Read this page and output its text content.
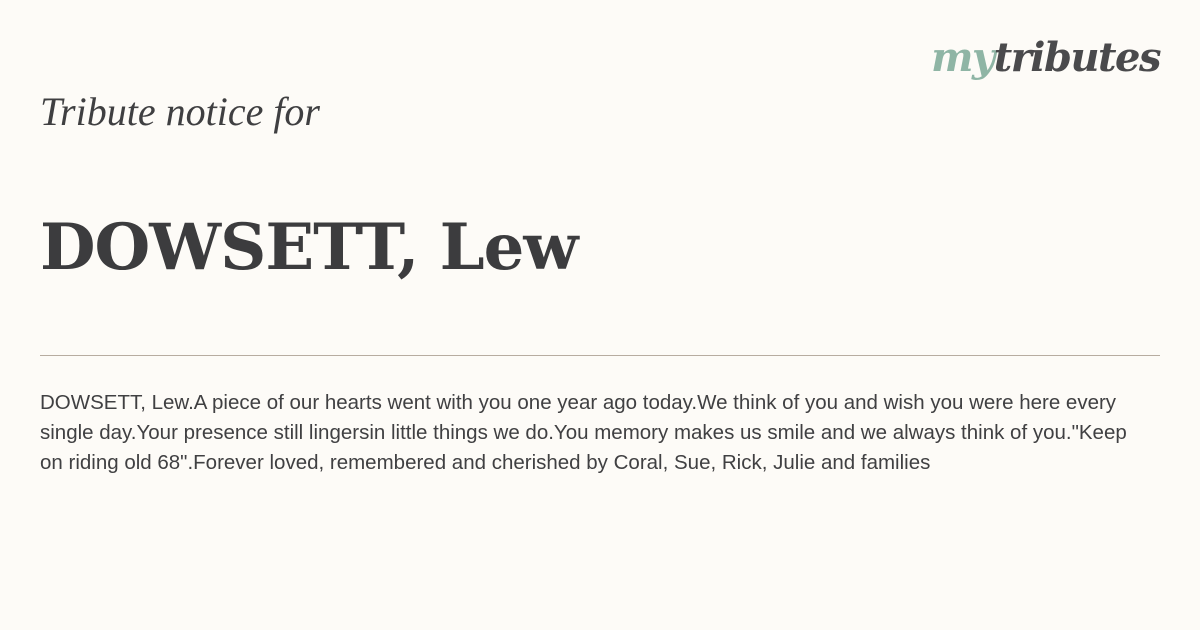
mytributes
Tribute notice for
DOWSETT, Lew
DOWSETT, Lew.A piece of our hearts went with you one year ago today.We think of you and wish you were here every single day.Your presence still lingersin little things we do.You memory makes us smile and we always think of you."Keep on riding old 68".Forever loved, remembered and cherished by Coral, Sue, Rick, Julie and families
